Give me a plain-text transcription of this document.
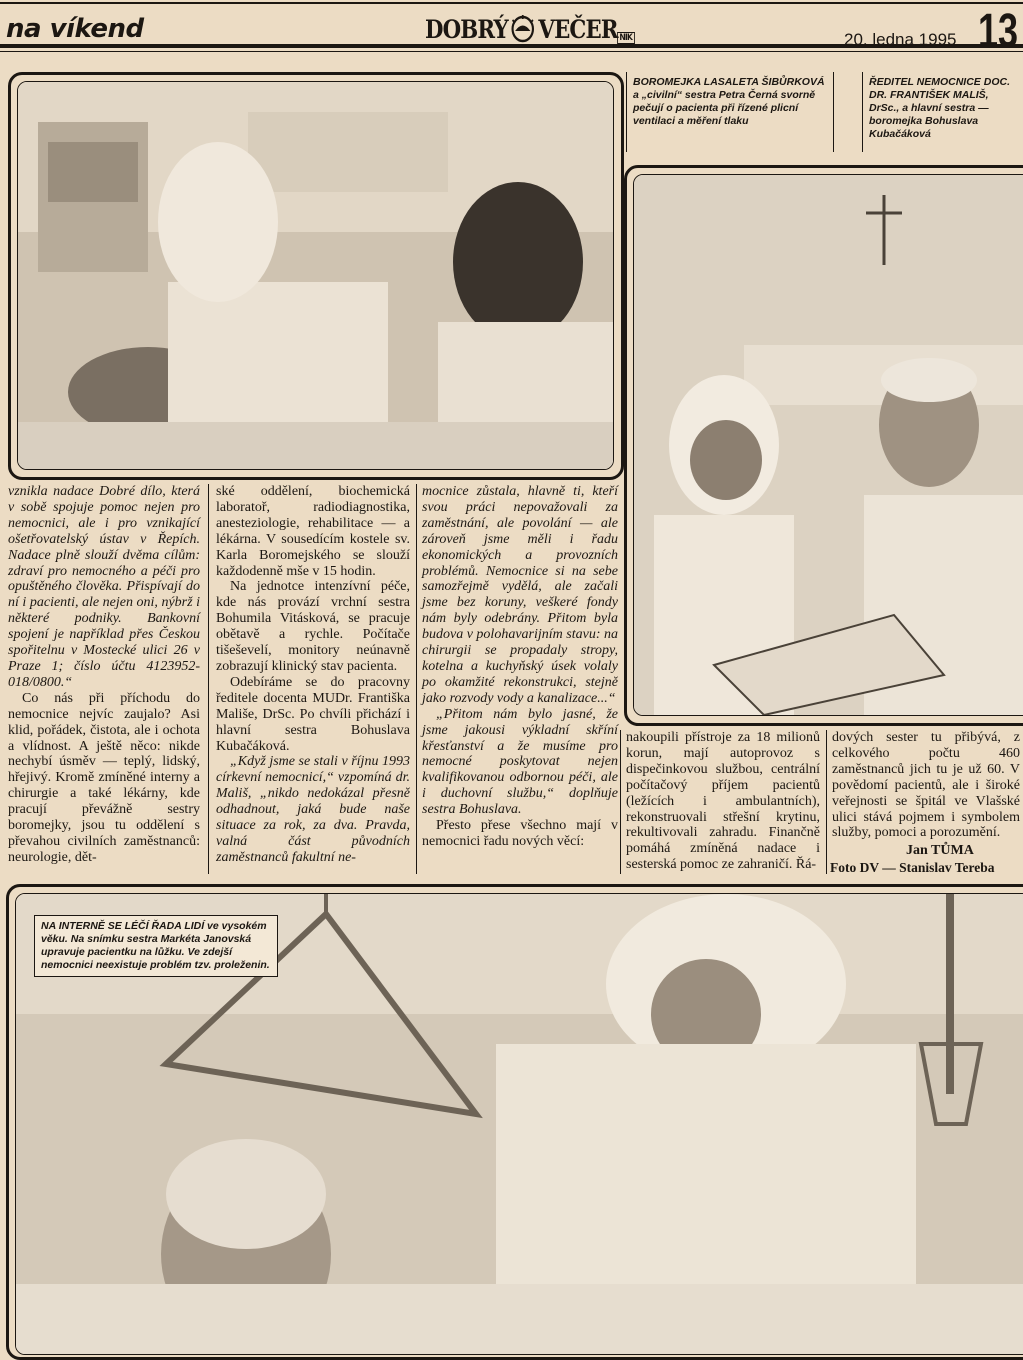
na víkend	DOBRÝ VEČER NIK	20. ledna 1995 13
BOROMEJKA LASALETA ŠIBŮRKOVÁ a „civilní“ sestra Petra Černá svorně pečují o pacienta při řízené plicní ventilaci a měření tlaku
ŘEDITEL NEMOCNICE DOC. DR. FRANTIŠEK MALIŠ, DrSc., a hlavní sestra — boromejka Bohuslava Kubačáková

vznikla nadace Dobré dílo, která v sobě spojuje pomoc nejen pro nemocnici, ale i pro vznikající ošetřovatelský ústav v Řepích. Nadace plně slouží dvěma cílům: zdraví pro nemocného a péči pro opuštěného člověka. Přispívají do ní i pacienti, ale nejen oni, nýbrž i některé podniky. Bankovní spojení je například přes Českou spořitelnu v Mostecké ulici 26 v Praze 1; číslo účtu 4123952-018/0800.“

Co nás při příchodu do nemocnice nejvíc zaujalo? Asi klid, pořádek, čistota, ale i ochota a vlídnost. A ještě něco: nikde nechybí úsměv — teplý, lidský, hřejivý. Kromě zmíněné interny a chirurgie a také lékárny, kde pracují převážně sestry boromejky, jsou tu oddělení s převahou civilních zaměstnanců: neurologie, dět-

ské oddělení, biochemická laboratoř, radiodiagnostika, anesteziologie, rehabilitace — a lékárna. V sousedícím kostele sv. Karla Boromejského se slouží každodenně mše v 15 hodin.

Na jednotce intenzívní péče, kde nás provází vrchní sestra Bohumila Vitásková, se pracuje obětavě a rychle. Počítače tišeševelí, monitory neúnavně zobrazují klinický stav pacienta.

Odebíráme se do pracovny ředitele docenta MUDr. Františka Mališe, DrSc. Po chvíli přichází i hlavní sestra Bohuslava Kubačáková.

„Když jsme se stali v říjnu 1993 církevní nemocnicí,“ vzpomíná dr. Mališ, „nikdo nedokázal přesně odhadnout, jaká bude naše situace za rok, za dva. Pravda, valná část původních zaměstnanců fakultní ne-

mocnice zůstala, hlavně ti, kteří svou práci nepovažovali za zaměstnání, ale povolání — ale zároveň jsme měli i řadu ekonomických a provozních problémů. Nemocnice si na sebe samozřejmě vydělá, ale začali jsme bez koruny, veškeré fondy nám byly odebrány. Přitom byla budova v polohavarijním stavu: na chirurgii se propadaly stropy, kotelna a kuchyňský úsek volaly po okamžité rekonstrukci, stejně jako rozvody vody a kanalizace...“

„Přitom nám bylo jasné, že jsme jakousi výkladní skříní křesťanství a že musíme pro nemocné poskytovat nejen kvalifikovanou odbornou péči, ale i duchovní službu,“ doplňuje sestra Bohuslava.

Přesto přese všechno mají v nemocnici řadu nových věcí:

nakoupili přístroje za 18 milionů korun, mají autoprovoz s dispečinkovou službou, centrální počítačový příjem pacientů (ležících i ambulantních), rekonstruovali střešní krytinu, rekultivovali zahradu. Finančně pomáhá zmíněná nadace i sesterská pomoc ze zahraničí. Řá-

dových sester tu přibývá, z celkového počtu 460 zaměstnanců jich tu je už 60. V povědomí pacientů, ale i široké veřejnosti se špitál ve Vlašské ulici stává pojmem i symbolem služby, pomoci a porozumění.

Jan TŮMA
Foto DV — Stanislav Tereba
NA INTERNĚ SE LÉČÍ ŘADA LIDÍ ve vysokém věku. Na snímku sestra Markéta Janovská upravuje pacientku na lůžku. Ve zdejší nemocnici neexistuje problém tzv. proleženin.
